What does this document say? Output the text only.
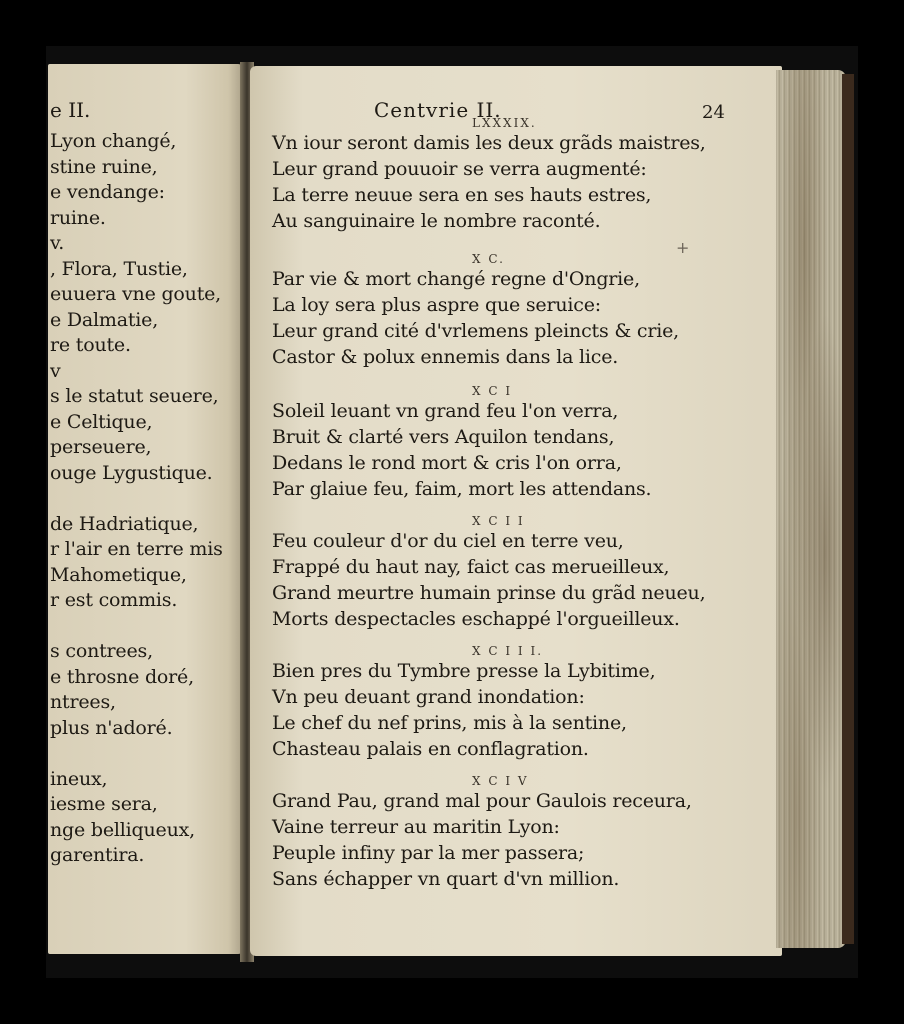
e II.
Lyon changé,
stine ruine,
e vendange:
ruine.
v.
, Flora, Tustie,
euuera vne goute,
e Dalmatie,
re toute.
v
s le statut seuere,
e Celtique,
perseuere,
ouge Lygustique.
de Hadriatique,
r l'air en terre mis
Mahometique,
r est commis.
s contrees,
e throsne doré,
ntrees,
plus n'adoré.
ineux,
iesme sera,
nge belliqueux,
garentira.
Centvrie II.	24
+
LXXXIX.
Vn iour seront damis les deux grãds maistres,
Leur grand pouuoir se verra augmenté:
La terre neuue sera en ses hauts estres,
Au sanguinaire le nombre raconté.
X C.
Par vie & mort changé regne d'Ongrie,
La loy sera plus aspre que seruice:
Leur grand cité d'vrlemens pleincts & crie,
Castor & polux ennemis dans la lice.
X C I
Soleil leuant vn grand feu l'on verra,
Bruit & clarté vers Aquilon tendans,
Dedans le rond mort & cris l'on orra,
Par glaiue feu, faim, mort les attendans.
X C I I
Feu couleur d'or du ciel en terre veu,
Frappé du haut nay, faict cas merueilleux,
Grand meurtre humain prinse du grãd neueu,
Morts despectacles eschappé l'orgueilleux.
X C I I I.
Bien pres du Tymbre presse la Lybitime,
Vn peu deuant grand inondation:
Le chef du nef prins, mis à la sentine,
Chasteau palais en conflagration.
X C I V
Grand Pau, grand mal pour Gaulois receura,
Vaine terreur au maritin Lyon:
Peuple infiny par la mer passera;
Sans échapper vn quart d'vn million.
